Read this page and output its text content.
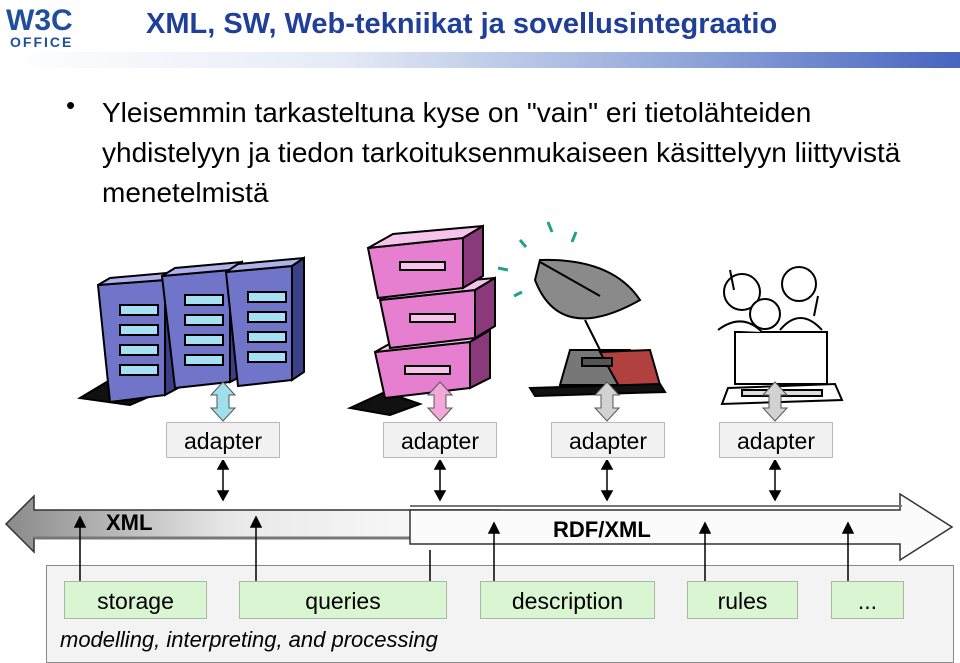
W3C
OFFICE
XML, SW, Web-tekniikat ja sovellusintegraatio
• Yleisemmin tarkasteltuna kyse on "vain" eri tietolähteiden yhdistelyyn ja tiedon tarkoituksenmukaiseen käsittelyyn liittyvistä menetelmistä

adapter	adapter	adapter	adapter
XML	RDF/XML
storage	queries	description	rules	...
modelling, interpreting, and processing
